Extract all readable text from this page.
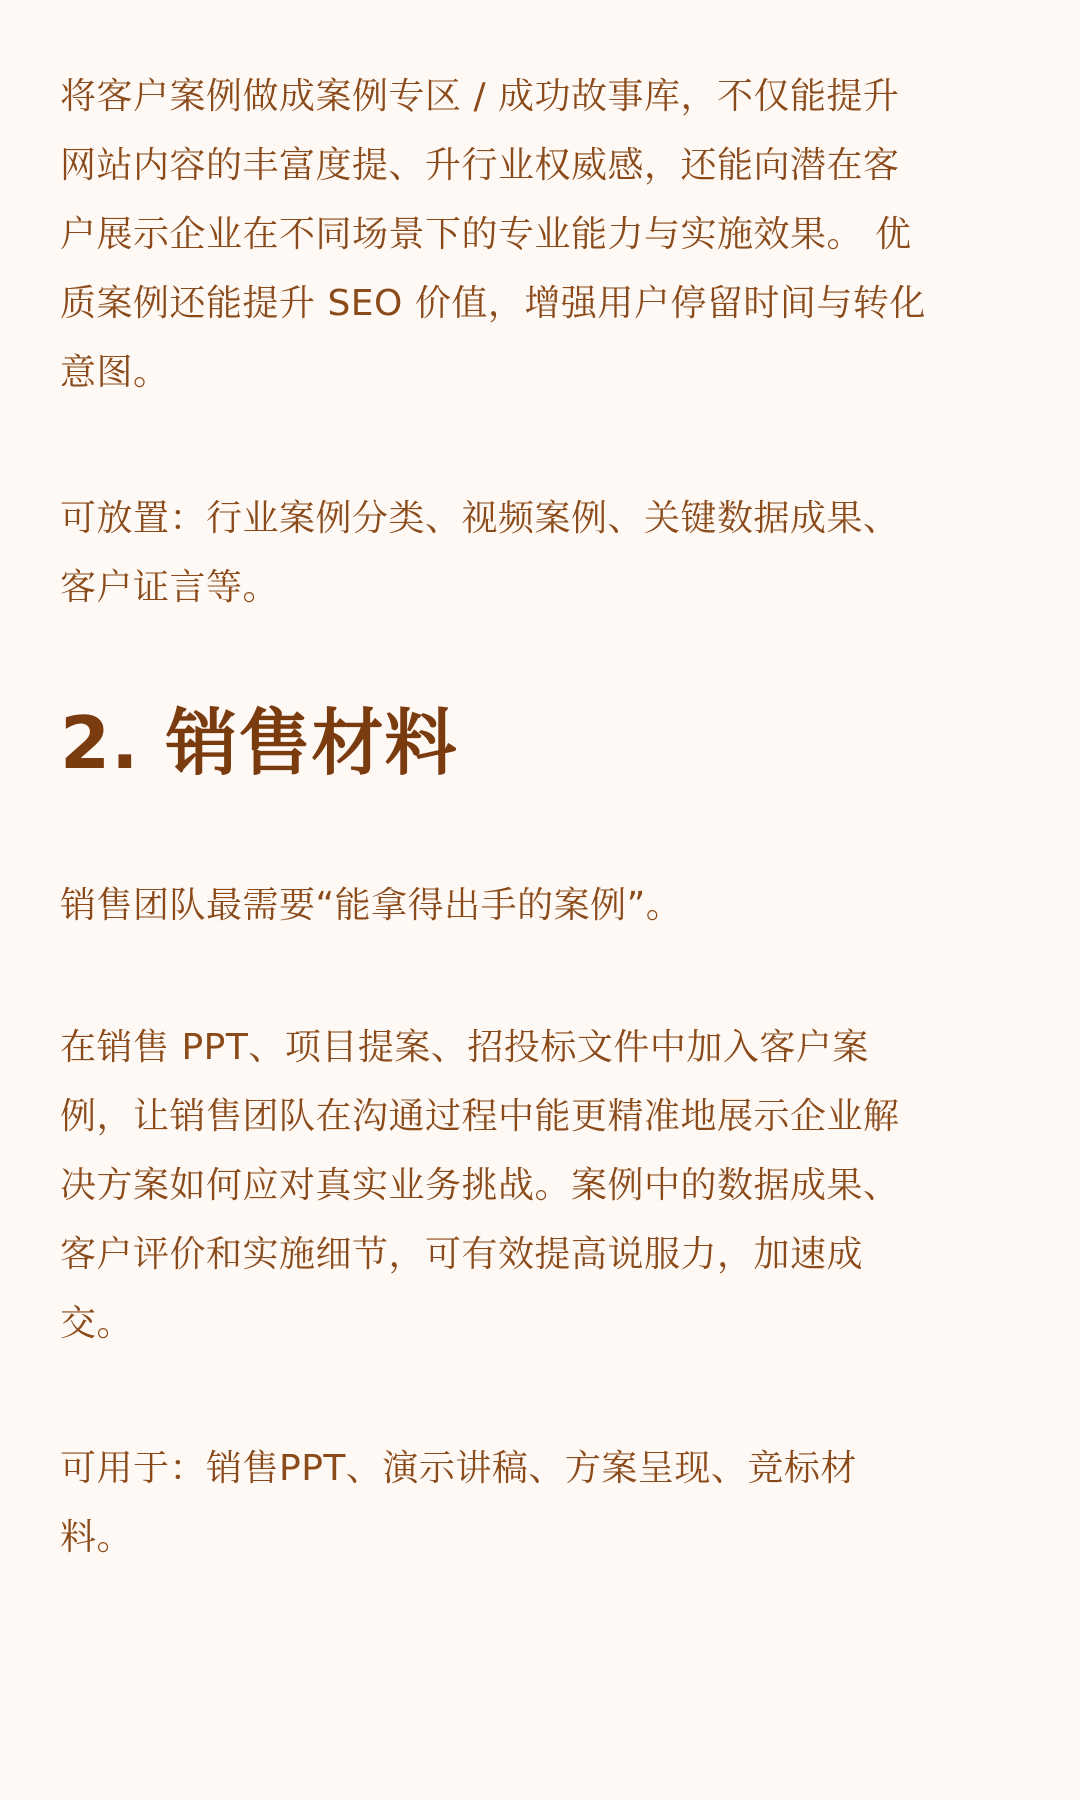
将客户案例做成案例专区 / 成功故事库，不仅能提升
网站内容的丰富度提、升行业权威感，还能向潜在客
户展示企业在不同场景下的专业能力与实施效果。 优
质案例还能提升 SEO 价值，增强用户停留时间与转化
意图。

可放置：行业案例分类、视频案例、关键数据成果、
客户证言等。

2. 销售材料

销售团队最需要“能拿得出手的案例”。

在销售 PPT、项目提案、招投标文件中加入客户案
例，让销售团队在沟通过程中能更精准地展示企业解
决方案如何应对真实业务挑战。案例中的数据成果、
客户评价和实施细节，可有效提高说服力，加速成
交。

可用于：销售PPT、演示讲稿、方案呈现、竞标材
料。
